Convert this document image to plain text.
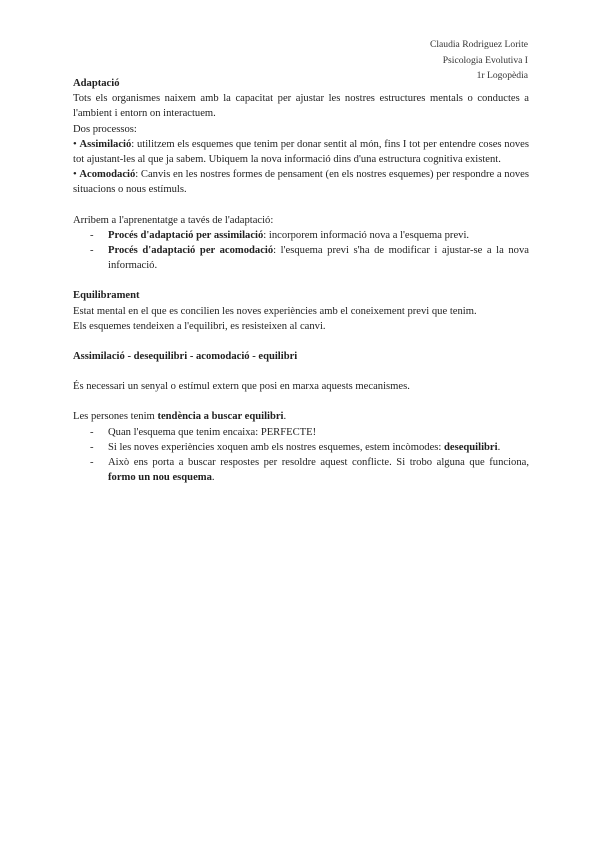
Claudia Rodriguez Lorite
Psicologia Evolutiva I
1r Logopèdia

Adaptació

Tots els organismes naixem amb la capacitat per ajustar les nostres estructures mentals o conductes a l'ambient i entorn on interactuem.

Dos processos:

• Assimilació: utilitzem els esquemes que tenim per donar sentit al món, fins I tot per entendre coses noves tot ajustant-les al que ja sabem. Ubiquem la nova informació dins d'una estructura cognitiva existent.

• Acomodació: Canvis en les nostres formes de pensament (en els nostres esquemes) per respondre a noves situacions o nous estímuls.

Arribem a l'aprenentatge a tavés de l'adaptació:

- Procés d'adaptació per assimilació: incorporem informació nova a l'esquema previ.
- Procés d'adaptació per acomodació: l'esquema previ s'ha de modificar i ajustar-se a la nova informació.

Equilibrament

Estat mental en el que es concilien les noves experiències amb el coneixement previ que tenim.

Els esquemes tendeixen a l'equilibri, es resisteixen al canvi.

Assimilació - desequilibri - acomodació - equilibri

És necessari un senyal o estímul extern que posi en marxa aquests mecanismes.

Les persones tenim tendència a buscar equilibri.

- Quan l'esquema que tenim encaixa: PERFECTE!
- Si les noves experiències xoquen amb els nostres esquemes, estem incòmodes: desequilibri.
- Això ens porta a buscar respostes per resoldre aquest conflicte. Si trobo alguna que funciona, formo un nou esquema.
